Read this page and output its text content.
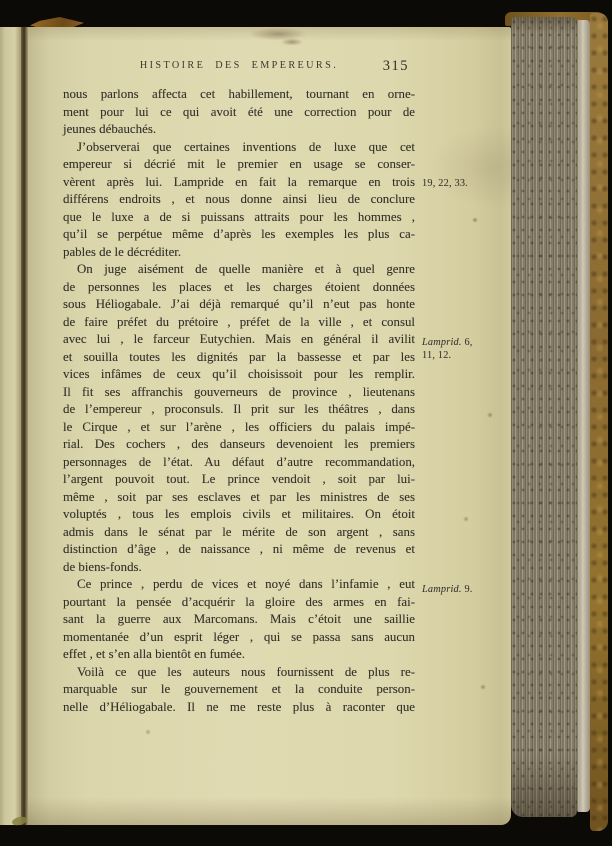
HISTOIRE DES EMPEREURS.	315
nous parlons affecta cet habillement, tournant en orne-
ment pour lui ce qui avoit été une correction pour de
jeunes débauchés.
J’observerai que certaines inventions de luxe que cet
empereur si décrié mit le premier en usage se conser-
vèrent après lui. Lampride en fait la remarque en trois
différens endroits , et nous donne ainsi lieu de conclure
que le luxe a de si puissans attraits pour les hommes ,
qu’il se perpétue même d’après les exemples les plus ca-
pables de le décréditer.
On juge aisément de quelle manière et à quel genre
de personnes les places et les charges étoient données
sous Héliogabale. J’ai déjà remarqué qu’il n’eut pas honte
de faire préfet du prétoire , préfet de la ville , et consul
avec lui , le farceur Eutychien. Mais en général il avilit
et souilla toutes les dignités par la bassesse et par les
vices infâmes de ceux qu’il choisissoit pour les remplir.
Il fit ses affranchis gouverneurs de province , lieutenans
de l’empereur , proconsuls. Il prit sur les théâtres , dans
le Cirque , et sur l’arène , les officiers du palais impé-
rial. Des cochers , des danseurs devenoient les premiers
personnages de l’état. Au défaut d’autre recommandation,
l’argent pouvoit tout. Le prince vendoit , soit par lui-
même , soit par ses esclaves et par les ministres de ses
voluptés , tous les emplois civils et militaires. On étoit
admis dans le sénat par le mérite de son argent , sans
distinction d’âge , de naissance , ni même de revenus et
de biens-fonds.
Ce prince , perdu de vices et noyé dans l’infamie , eut
pourtant la pensée d’acquérir la gloire des armes en fai-
sant la guerre aux Marcomans. Mais c’étoit une saillie
momentanée d’un esprit léger , qui se passa sans aucun
effet , et s’en alla bientôt en fumée.
Voilà ce que les auteurs nous fournissent de plus re-
marquable sur le gouvernement et la conduite person-
nelle d’Héliogabale. Il ne me reste plus à raconter que
19, 22, 33.
Lamprid. 6, 11, 12.
Lamprid. 9.
